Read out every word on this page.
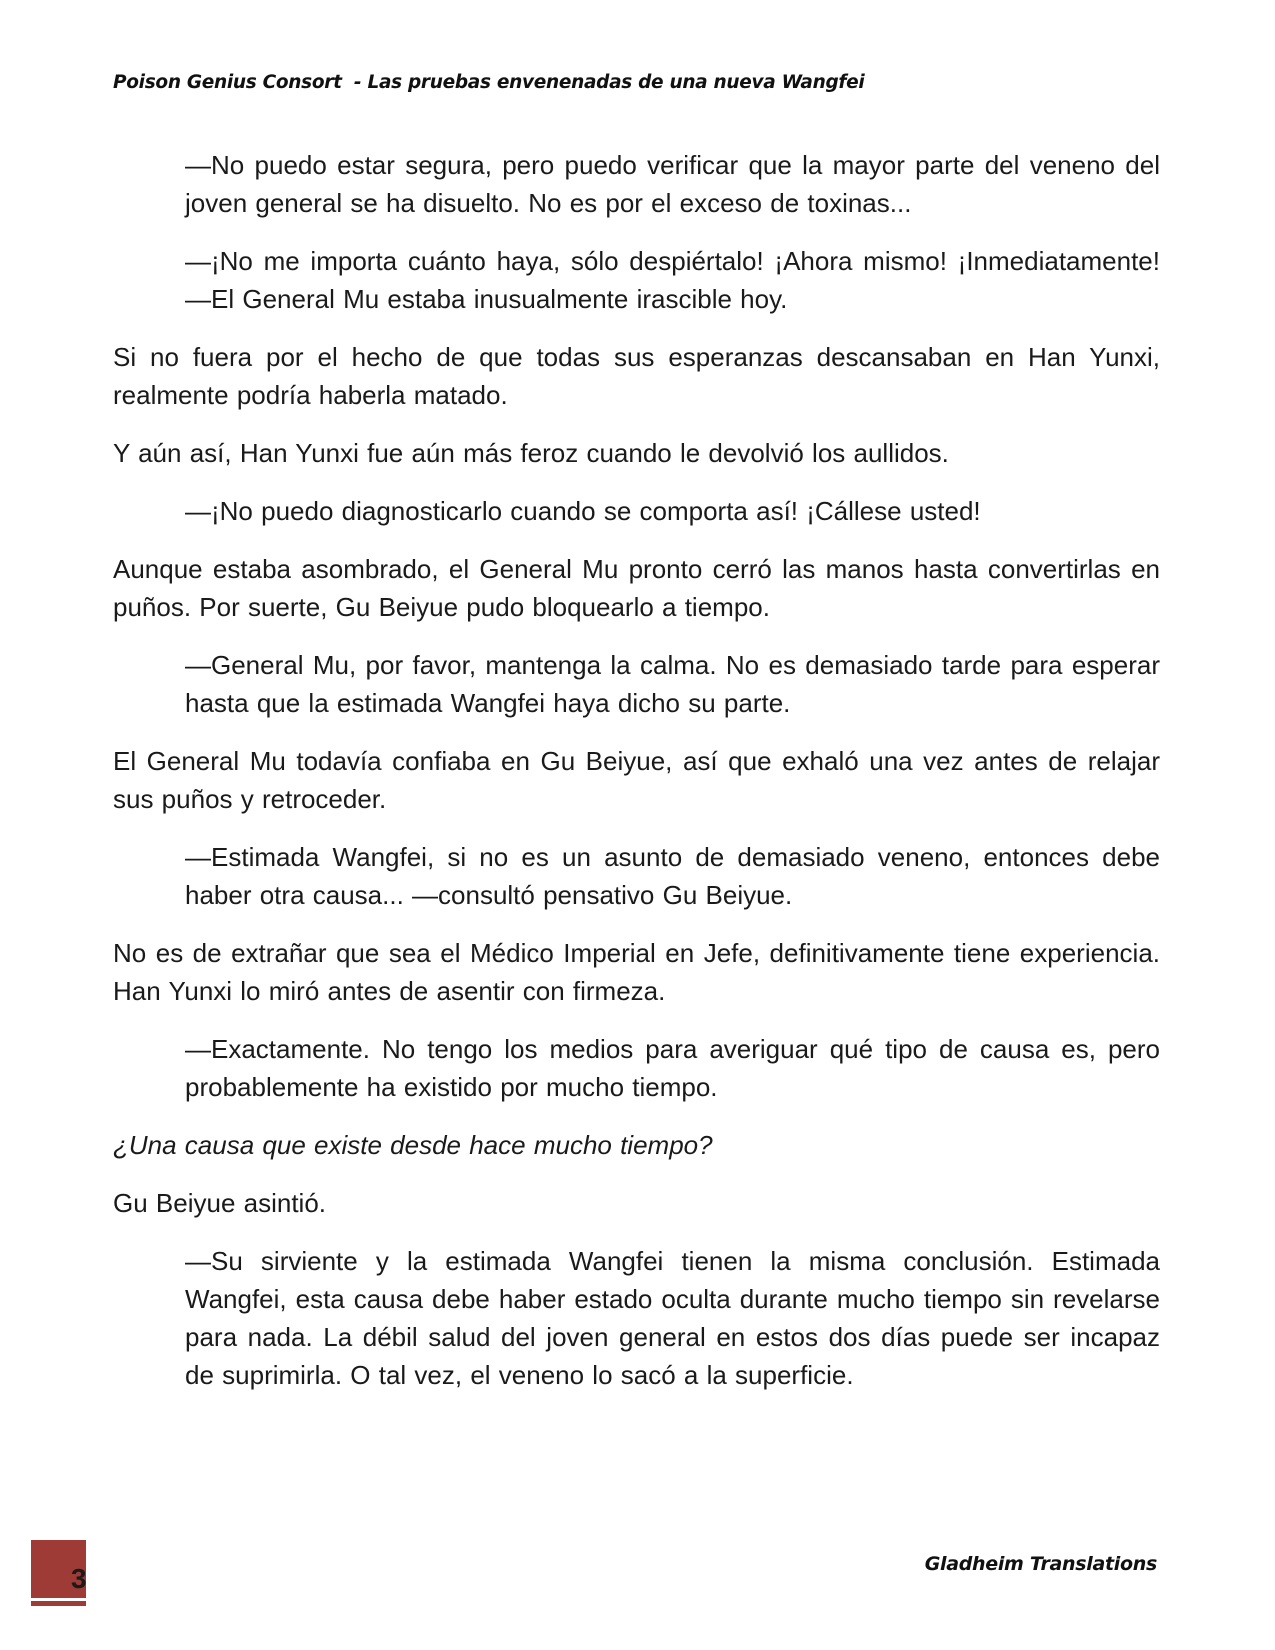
Poison Genius Consort  - Las pruebas envenenadas de una nueva Wangfei

—No puedo estar segura, pero puedo verificar que la mayor parte del veneno del joven general se ha disuelto. No es por el exceso de toxinas...

—¡No me importa cuánto haya, sólo despiértalo! ¡Ahora mismo! ¡Inmediatamente! —El General Mu estaba inusualmente irascible hoy.

Si no fuera por el hecho de que todas sus esperanzas descansaban en Han Yunxi, realmente podría haberla matado.

Y aún así, Han Yunxi fue aún más feroz cuando le devolvió los aullidos.

—¡No puedo diagnosticarlo cuando se comporta así! ¡Cállese usted!

Aunque estaba asombrado, el General Mu pronto cerró las manos hasta convertirlas en puños. Por suerte, Gu Beiyue pudo bloquearlo a tiempo.

—General Mu, por favor, mantenga la calma. No es demasiado tarde para esperar hasta que la estimada Wangfei haya dicho su parte.

El General Mu todavía confiaba en Gu Beiyue, así que exhaló una vez antes de relajar sus puños y retroceder.

—Estimada Wangfei, si no es un asunto de demasiado veneno, entonces debe haber otra causa... —consultó pensativo Gu Beiyue.

No es de extrañar que sea el Médico Imperial en Jefe, definitivamente tiene experiencia. Han Yunxi lo miró antes de asentir con firmeza.

—Exactamente. No tengo los medios para averiguar qué tipo de causa es, pero probablemente ha existido por mucho tiempo.

¿Una causa que existe desde hace mucho tiempo?

Gu Beiyue asintió.

—Su sirviente y la estimada Wangfei tienen la misma conclusión. Estimada Wangfei, esta causa debe haber estado oculta durante mucho tiempo sin revelarse para nada. La débil salud del joven general en estos dos días puede ser incapaz de suprimirla. O tal vez, el veneno lo sacó a la superficie.

3	Gladheim Translations
